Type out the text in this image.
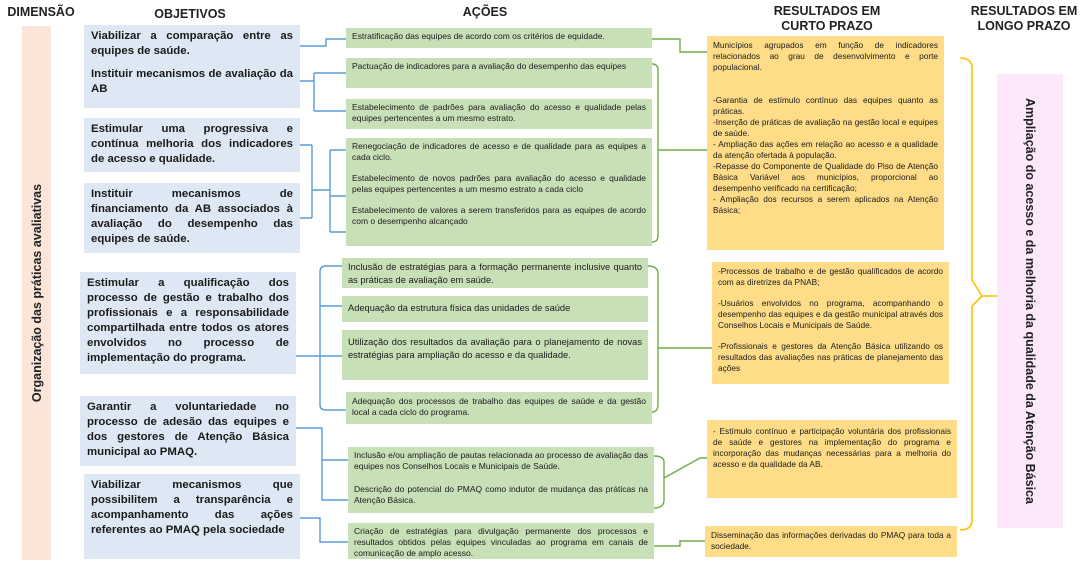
DIMENSÃO	OBJETIVOS	AÇÕES	RESULTADOS EM
CURTO PRAZO
RESULTADOS EM
LONGO PRAZO
Organização das práticas avaliativas

Viabilizar a comparação entre as equipes de saúde.

Instituir mecanismos de avaliação da AB

Estimular uma progressiva e contínua melhoria dos indicadores de acesso e qualidade.
Instituir mecanismos de financiamento da AB associados à avaliação do desempenho das equipes de saúde.
Estimular a qualificação dos processo de gestão e trabalho dos profissionais e a responsabilidade compartilhada entre todos os atores envolvidos no processo de implementação do programa.
Garantir a voluntariedade no processo de adesão das equipes e dos gestores de Atenção Básica municipal ao PMAQ.
Viabilizar mecanismos que possibilitem a transparência e acompanhamento das ações referentes ao PMAQ pela sociedade
Estratificação das equipes de acordo com os critérios de equidade.
Pactuação de indicadores para a avaliação do desempenho das equipes
Estabelecimento de padrões para avaliação do acesso e qualidade pelas equipes pertencentes a um mesmo estrato.

Renegociação de indicadores de acesso e de qualidade para as equipes a cada ciclo.

Estabelecimento de novos padrões para avaliação do acesso e qualidade pelas equipes pertencentes a um mesmo estrato a cada ciclo

Estabelecimento de valores a serem transferidos para as equipes de acordo com o desempenho alcançado

Inclusão de estratégias para a formação permanente inclusive quanto as práticas de avaliação em saúde.
Adequação da estrutura física das unidades de saúde
Utilização dos resultados da avaliação para o planejamento de novas estratégias para ampliação do acesso e da qualidade.
Adequação dos processos de trabalho das equipes de saúde e da gestão local a cada ciclo do programa.

Inclusão e/ou ampliação de pautas relacionada ao processo de avaliação das equipes nos Conselhos Locais e Municipais de Saúde.

Descrição do potencial do PMAQ como indutor de mudança das práticas na Atenção Básica.

Criação de estratégias para divulgação permanente dos processos e resultados obtidos pelas equipes vinculadas ao programa em canais de comunicação de amplo acesso.

Municípios agrupados em função de indicadores relacionados ao grau de desenvolvimento e porte populacional.

-Garantia de estímulo contínuo das equipes quanto as práticas.

-Inserção de práticas de avaliação na gestão local e equipes de saúde.

- Ampliação das ações em relação ao acesso e a qualidade da atenção ofertada à população.

-Repasse do Componente de Qualidade do Piso de Atenção Básica Variável aos municípios, proporcional ao desempenho verificado na certificação;

- Ampliação dos recursos a serem aplicados na Atenção Básica;

-Processos de trabalho e de gestão qualificados de acordo com as diretrizes da PNAB;

-Usuários envolvidos no programa, acompanhando o desempenho das equipes e da gestão municipal através dos Conselhos Locais e Municipais de Saúde.

-Profissionais e gestores da Atenção Básica utilizando os resultados das avaliações nas práticas de planejamento das ações

- Estímulo contínuo e participação voluntária dos profissionais de saúde e gestores na implementação do programa e incorporação das mudanças necessárias para a melhoria do acesso e da qualidade da AB.
Disseminação das informações derivadas do PMAQ para toda a sociedade.
Ampliação do acesso e da melhoria da qualidade da Atenção Básica
